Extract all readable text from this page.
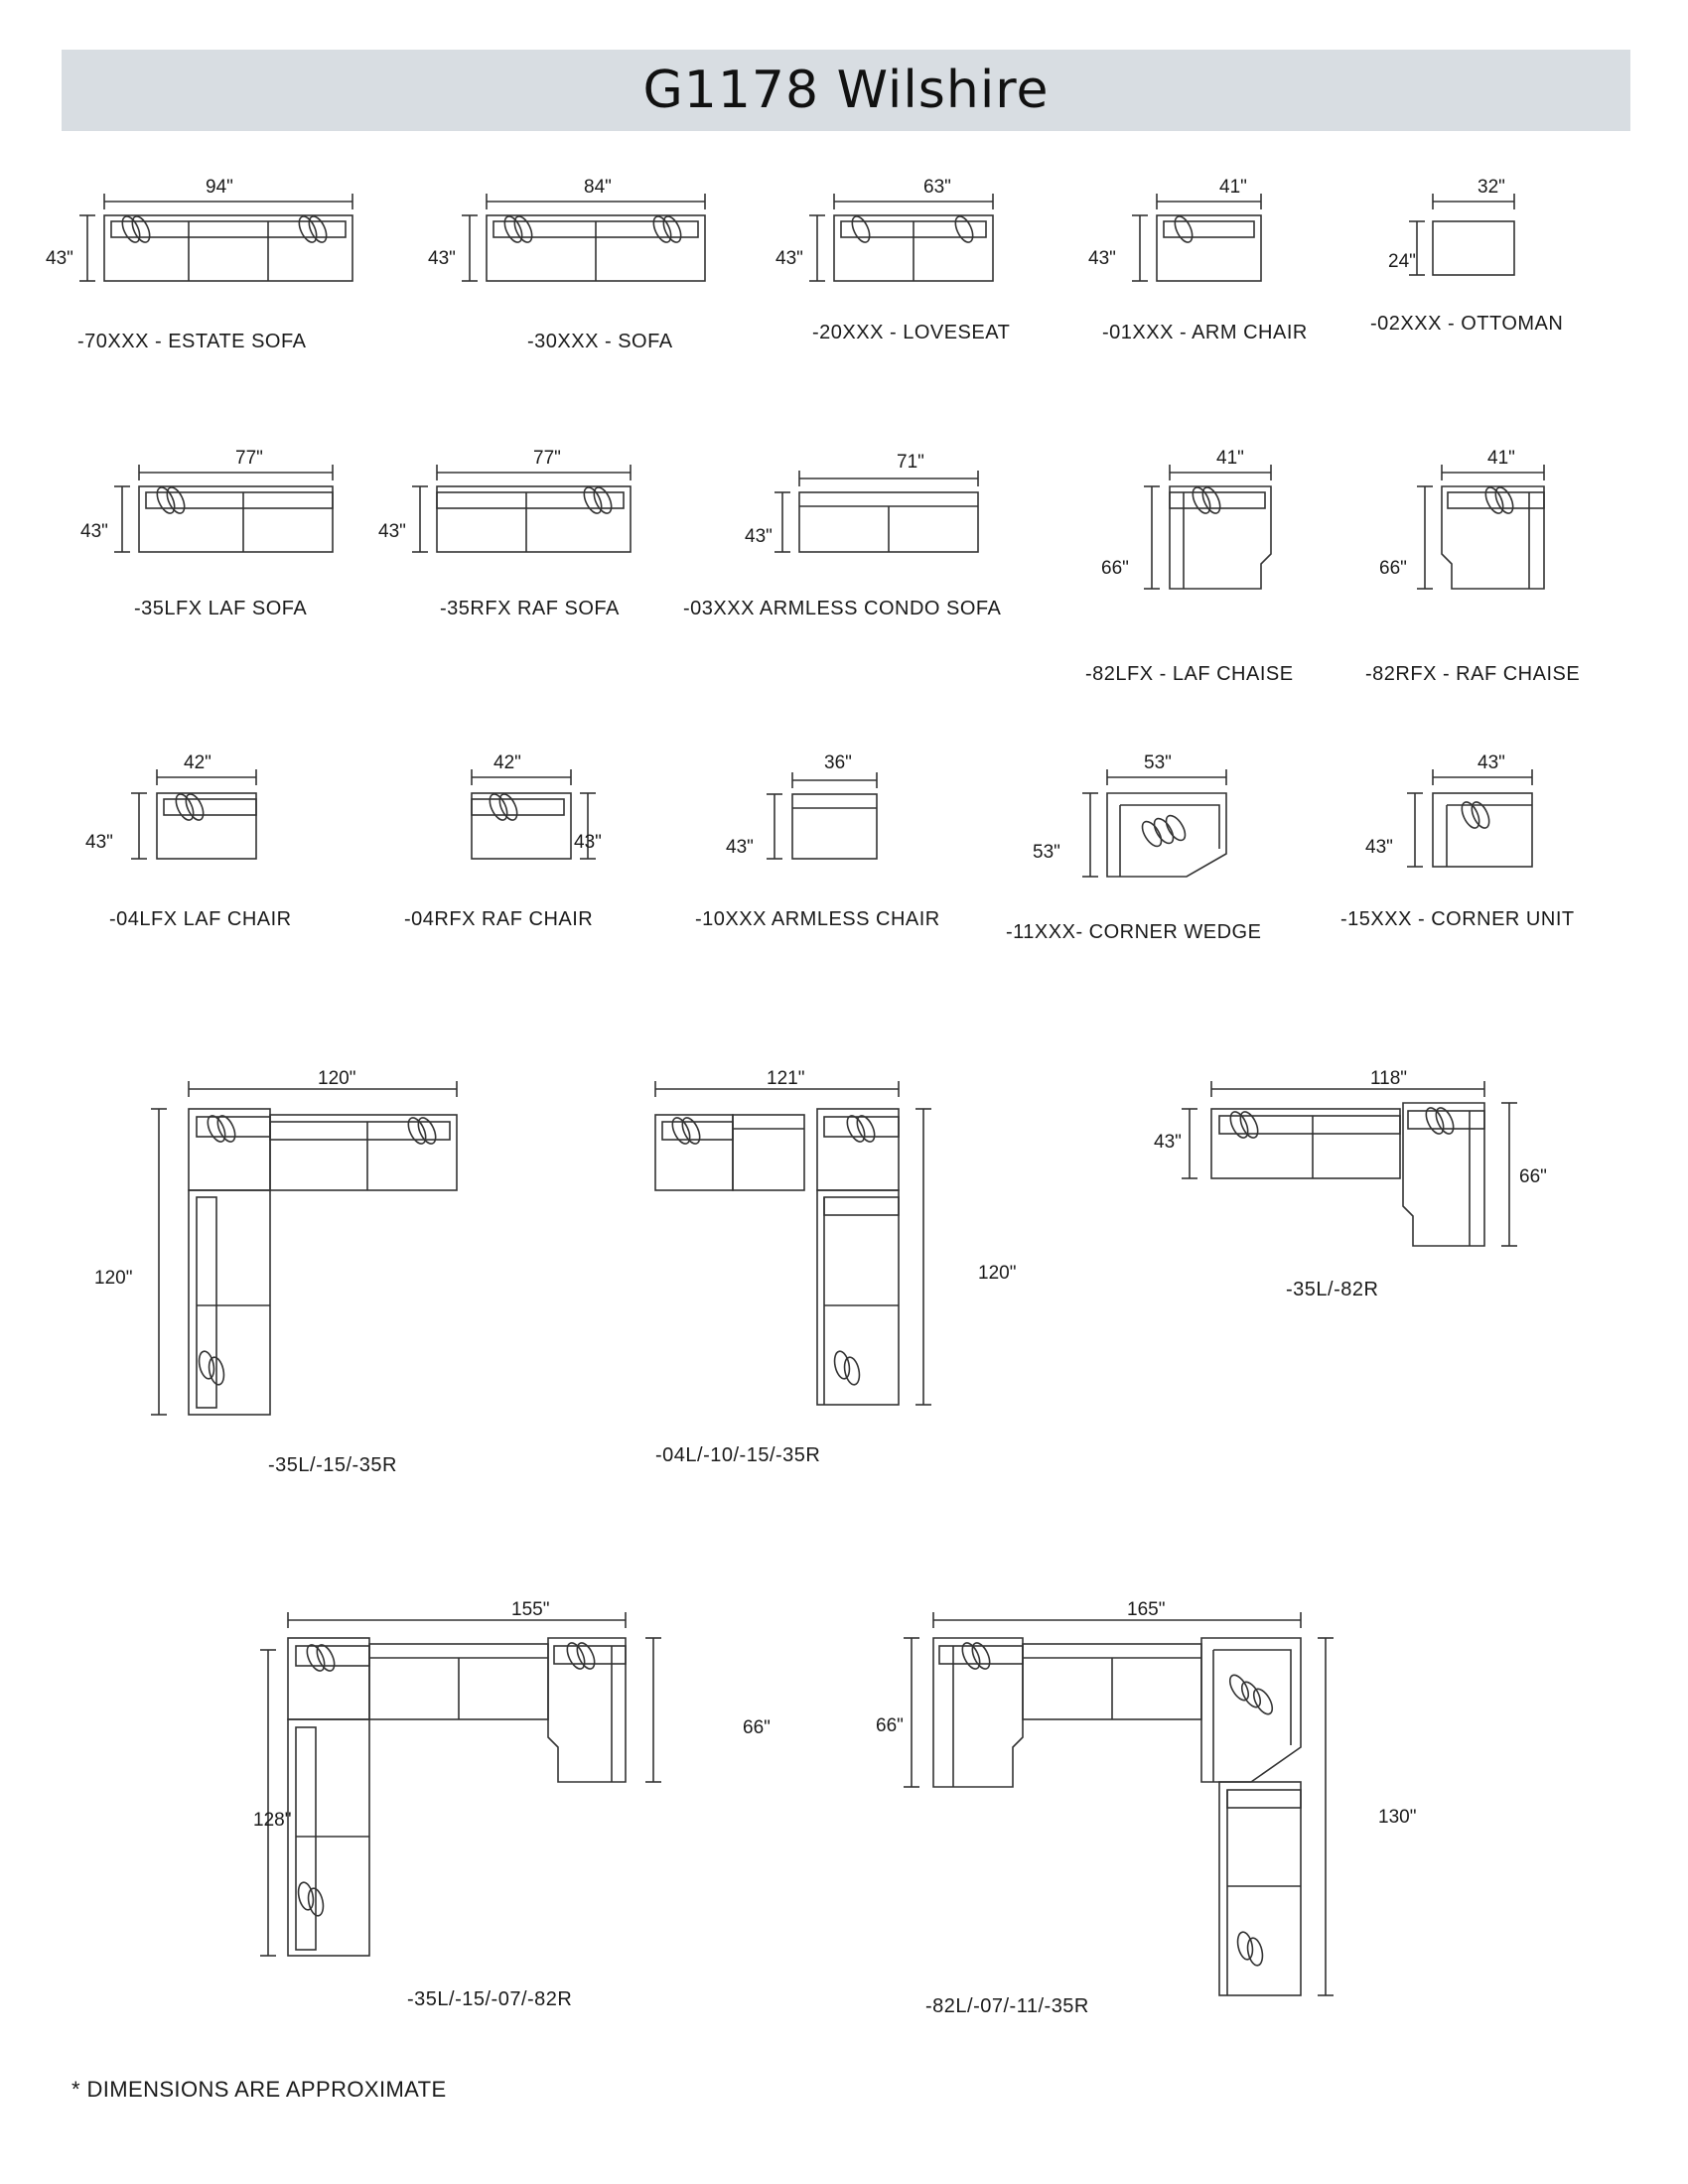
G1178 Wilshire
94"
43"
-70XXX - ESTATE SOFA
84"
43"
-30XXX - SOFA
63"
43"
-20XXX - LOVESEAT
41"
43"
-01XXX - ARM CHAIR
32"
24"
-02XXX - OTTOMAN
77"
43"
-35LFX LAF SOFA
77"
43"
-35RFX RAF SOFA
71"
43"
-03XXX ARMLESS CONDO SOFA
41"
66"
-82LFX - LAF CHAISE
41"
66"
-82RFX - RAF CHAISE
42"
43"
-04LFX LAF CHAIR
42"
43"
-04RFX RAF CHAIR
36"
43"
-10XXX ARMLESS CHAIR
53"
53"
-11XXX- CORNER WEDGE
43"
43"
-15XXX - CORNER UNIT
120"
120"
-35L/-15/-35R
121"
120"
-04L/-10/-15/-35R
118"
43"
66"
-35L/-82R
155"
128"
66"
-35L/-15/-07/-82R
165"
66"
130"
-82L/-07/-11/-35R
* DIMENSIONS ARE APPROXIMATE
